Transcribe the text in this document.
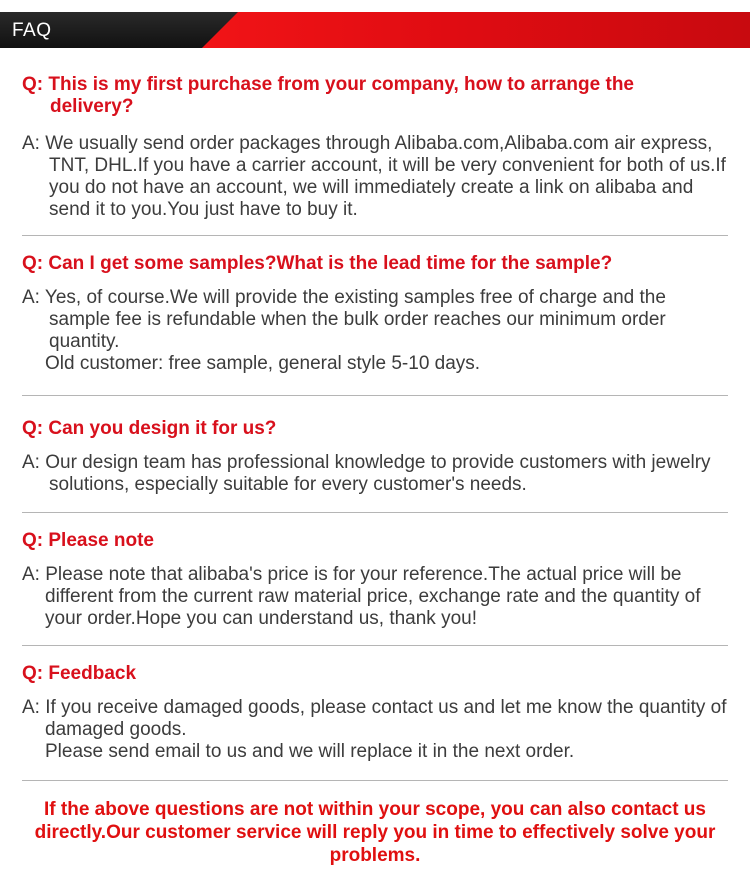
FAQ

Q: This is my first purchase from your company, how to arrange the delivery?

A: We usually send order packages through Alibaba.com,Alibaba.com air express, TNT, DHL.If you have a carrier account, it will be very convenient for both of us.If you do not have an account, we will immediately create a link on alibaba and send it to you.You just have to buy it.

Q: Can I get some samples?What is the lead time for the sample?

A: Yes, of course.We will provide the existing samples free of charge and the sample fee is refundable when the bulk order reaches our minimum order quantity.

Old customer: free sample, general style 5-10 days.

Q: Can you design it for us?

A: Our design team has professional knowledge to provide customers with jewelry solutions, especially suitable for every customer's needs.

Q: Please note

A: Please note that alibaba's price is for your reference.The actual price will be different from the current raw material price, exchange rate and the quantity of your order.Hope you can understand us, thank you!

Q: Feedback

A: If you receive damaged goods, please contact us and let me know the quantity of damaged goods.

Please send email to us and we will replace it in the next order.

If the above questions are not within your scope, you can also contact us directly.Our customer service will reply you in time to effectively solve your problems.
